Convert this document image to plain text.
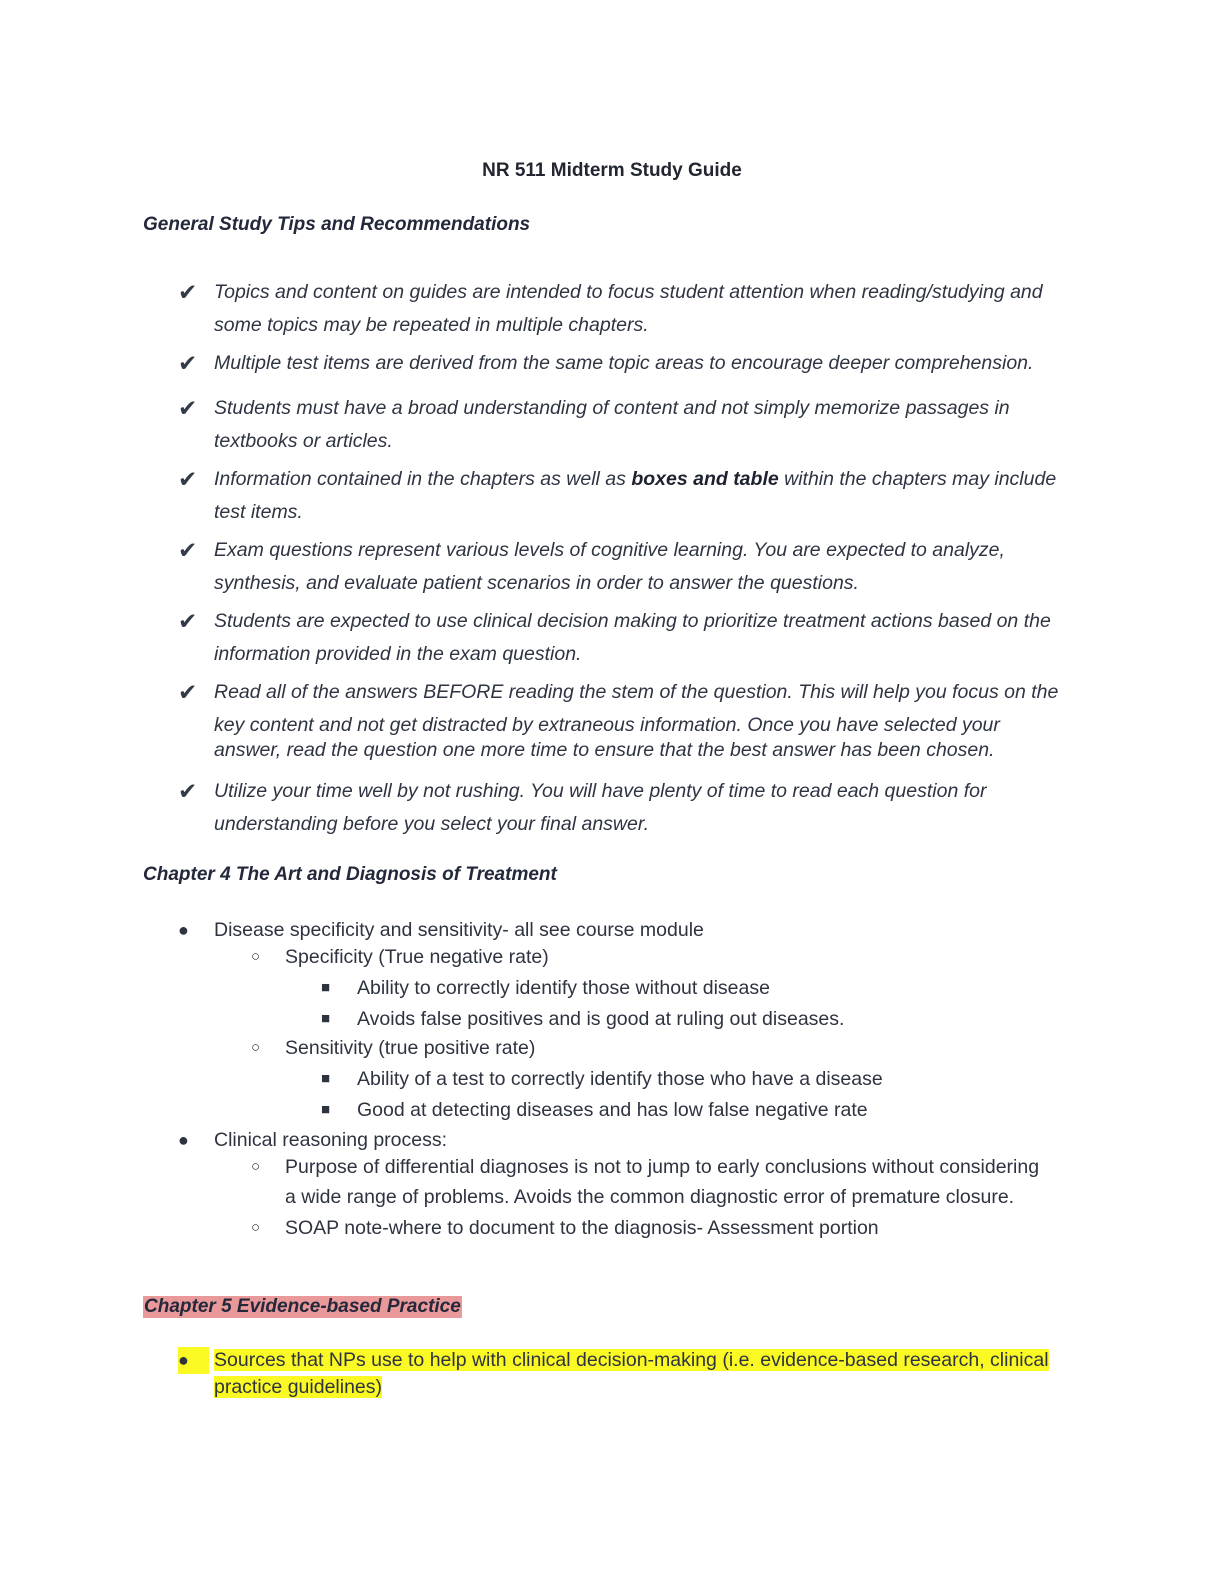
NR 511 Midterm Study Guide
General Study Tips and Recommendations
✔ Topics and content on guides are intended to focus student attention when reading/studying and
some topics may be repeated in multiple chapters.
✔ Multiple test items are derived from the same topic areas to encourage deeper comprehension.
✔ Students must have a broad understanding of content and not simply memorize passages in
textbooks or articles.
✔ Information contained in the chapters as well as boxes and table within the chapters may include
test items.
✔ Exam questions represent various levels of cognitive learning. You are expected to analyze,
synthesis, and evaluate patient scenarios in order to answer the questions.
✔ Students are expected to use clinical decision making to prioritize treatment actions based on the
information provided in the exam question.
✔ Read all of the answers BEFORE reading the stem of the question. This will help you focus on the
key content and not get distracted by extraneous information. Once you have selected your
answer, read the question one more time to ensure that the best answer has been chosen.
✔ Utilize your time well by not rushing. You will have plenty of time to read each question for
understanding before you select your final answer.
Chapter 4 The Art and Diagnosis of Treatment
● Disease specificity and sensitivity- all see course module
○ Specificity (True negative rate)
■ Ability to correctly identify those without disease
■ Avoids false positives and is good at ruling out diseases.
○ Sensitivity (true positive rate)
■ Ability of a test to correctly identify those who have a disease
■ Good at detecting diseases and has low false negative rate
● Clinical reasoning process:
○ Purpose of differential diagnoses is not to jump to early conclusions without considering
a wide range of problems. Avoids the common diagnostic error of premature closure.
○ SOAP note-where to document to the diagnosis- Assessment portion
Chapter 5 Evidence-based Practice
●	Sources that NPs use to help with clinical decision-making (i.e. evidence-based research, clinical
practice guidelines)
